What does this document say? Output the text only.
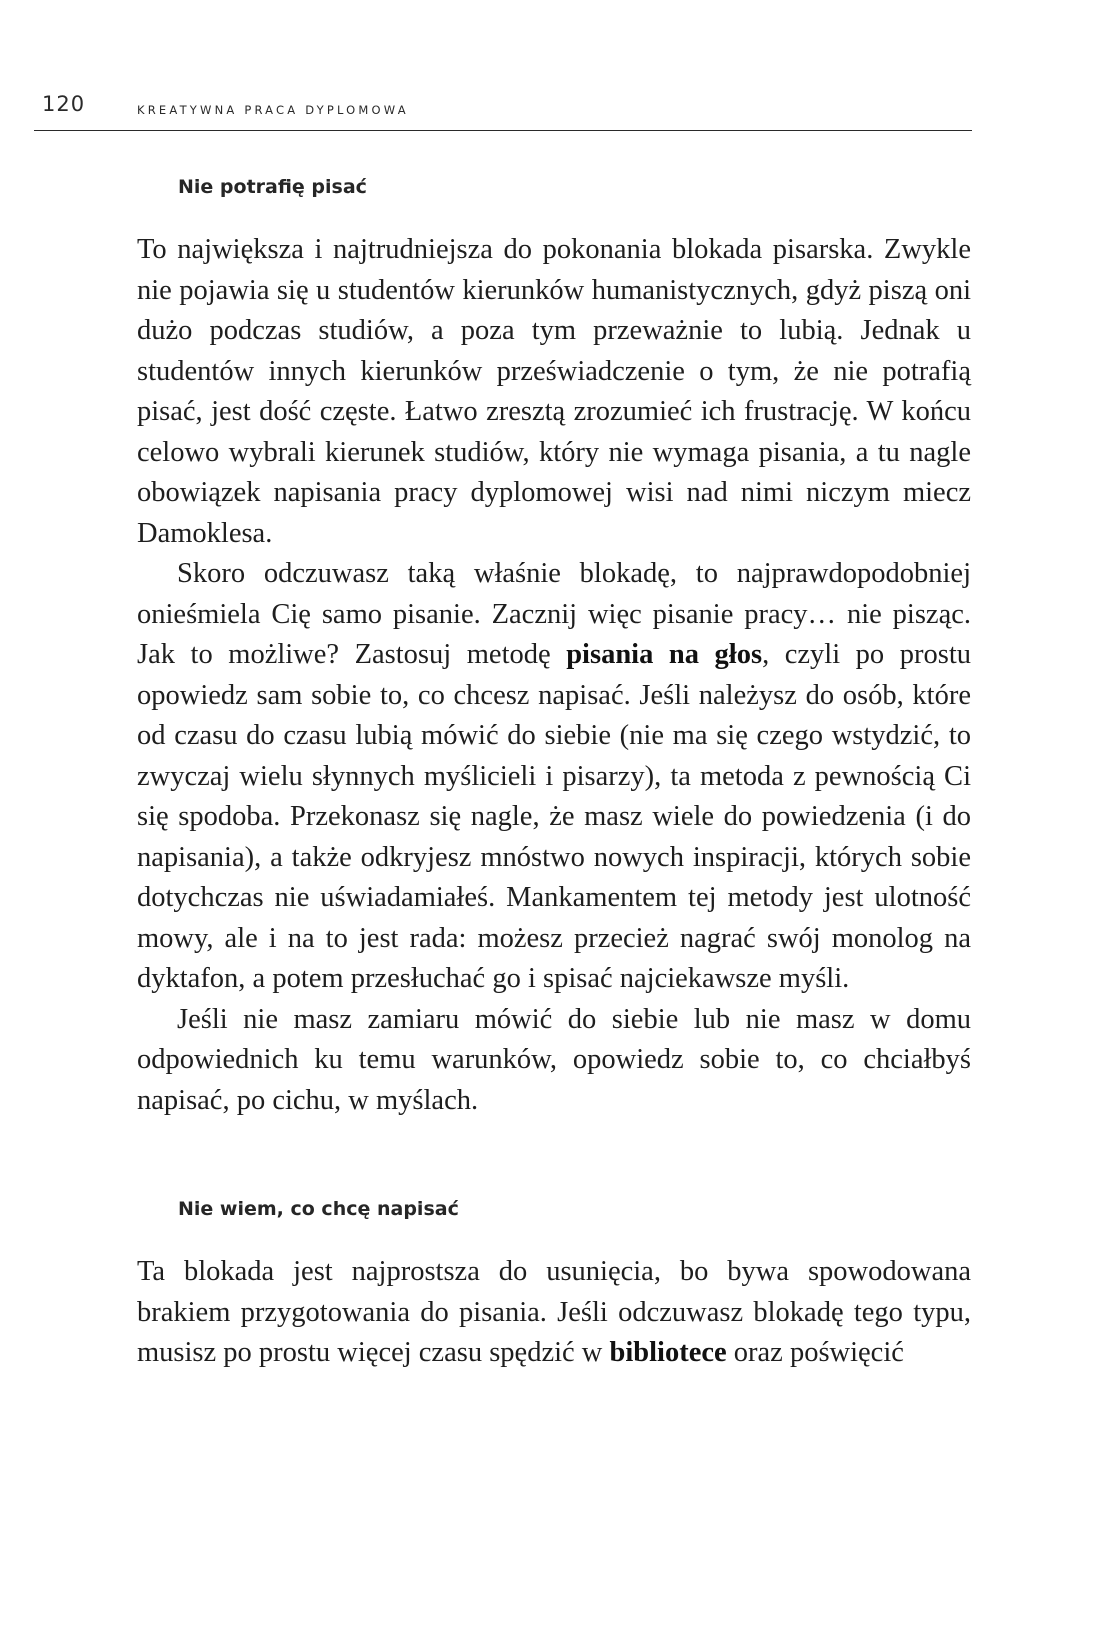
120	KREATYWNA PRACA DYPLOMOWA
Nie potrafię pisać

To największa i najtrudniejsza do pokonania blokada pisarska. Zwykle nie pojawia się u studentów kierunków humanistycznych, gdyż piszą oni dużo podczas studiów, a poza tym przeważnie to lubią. Jednak u studentów innych kierunków przeświadczenie o tym, że nie potrafią pisać, jest dość częste. Łatwo zresztą zrozumieć ich frustrację. W końcu celowo wybrali kierunek studiów, który nie wymaga pisania, a tu nagle obowiązek napisania pracy dyplomowej wisi nad nimi niczym miecz Damoklesa.

Skoro odczuwasz taką właśnie blokadę, to najprawdopodobniej onieśmiela Cię samo pisanie. Zacznij więc pisanie pracy… nie pisząc. Jak to możliwe? Zastosuj metodę pisania na głos, czyli po prostu opowiedz sam sobie to, co chcesz napisać. Jeśli należysz do osób, które od czasu do czasu lubią mówić do siebie (nie ma się czego wstydzić, to zwyczaj wielu słynnych myślicieli i pisarzy), ta metoda z pewnością Ci się spodoba. Przekonasz się nagle, że masz wiele do powiedzenia (i do napisania), a także odkryjesz mnóstwo nowych inspiracji, których sobie dotychczas nie uświadamiałeś. Mankamentem tej metody jest ulotność mowy, ale i na to jest rada: możesz przecież nagrać swój monolog na dyktafon, a potem przesłuchać go i spisać najciekawsze myśli.

Jeśli nie masz zamiaru mówić do siebie lub nie masz w domu odpowiednich ku temu warunków, opowiedz sobie to, co chciałbyś napisać, po cichu, w myślach.

Nie wiem, co chcę napisać

Ta blokada jest najprostsza do usunięcia, bo bywa spowodowana brakiem przygotowania do pisania. Jeśli odczuwasz blokadę tego typu, musisz po prostu więcej czasu spędzić w bibliotece oraz poświęcić
